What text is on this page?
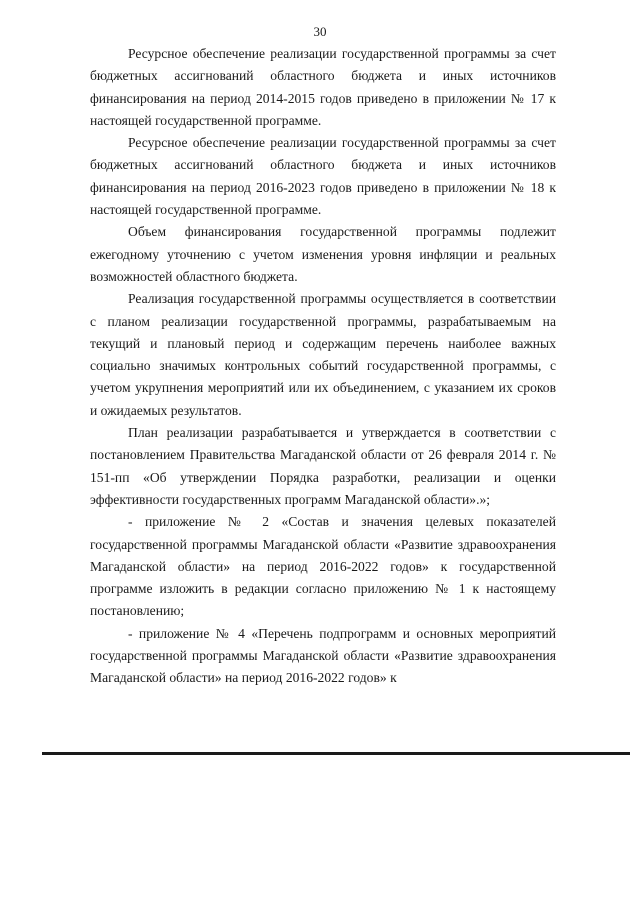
30

Ресурсное обеспечение реализации государственной программы за счет бюджетных ассигнований областного бюджета и иных источников финансирования на период 2014-2015 годов приведено в приложении № 17 к настоящей государственной программе.

Ресурсное обеспечение реализации государственной программы за счет бюджетных ассигнований областного бюджета и иных источников финансирования на период 2016-2023 годов приведено в приложении № 18 к настоящей государственной программе.

Объем финансирования государственной программы подлежит ежегодному уточнению с учетом изменения уровня инфляции и реальных возможностей областного бюджета.

Реализация государственной программы осуществляется в соответствии с планом реализации государственной программы, разрабатываемым на текущий и плановый период и содержащим перечень наиболее важных социально значимых контрольных событий государственной программы, с учетом укрупнения мероприятий или их объединением, с указанием их сроков и ожидаемых результатов.

План реализации разрабатывается и утверждается в соответствии с постановлением Правительства Магаданской области от 26 февраля 2014 г. № 151-пп «Об утверждении Порядка разработки, реализации и оценки эффективности государственных программ Магаданской области».»;

- приложение № 2 «Состав и значения целевых показателей государственной программы Магаданской области «Развитие здравоохранения Магаданской области» на период 2016-2022 годов» к государственной программе изложить в редакции согласно приложению № 1 к настоящему постановлению;

- приложение № 4 «Перечень подпрограмм и основных мероприятий государственной программы Магаданской области «Развитие здравоохранения Магаданской области» на период 2016-2022 годов» к
